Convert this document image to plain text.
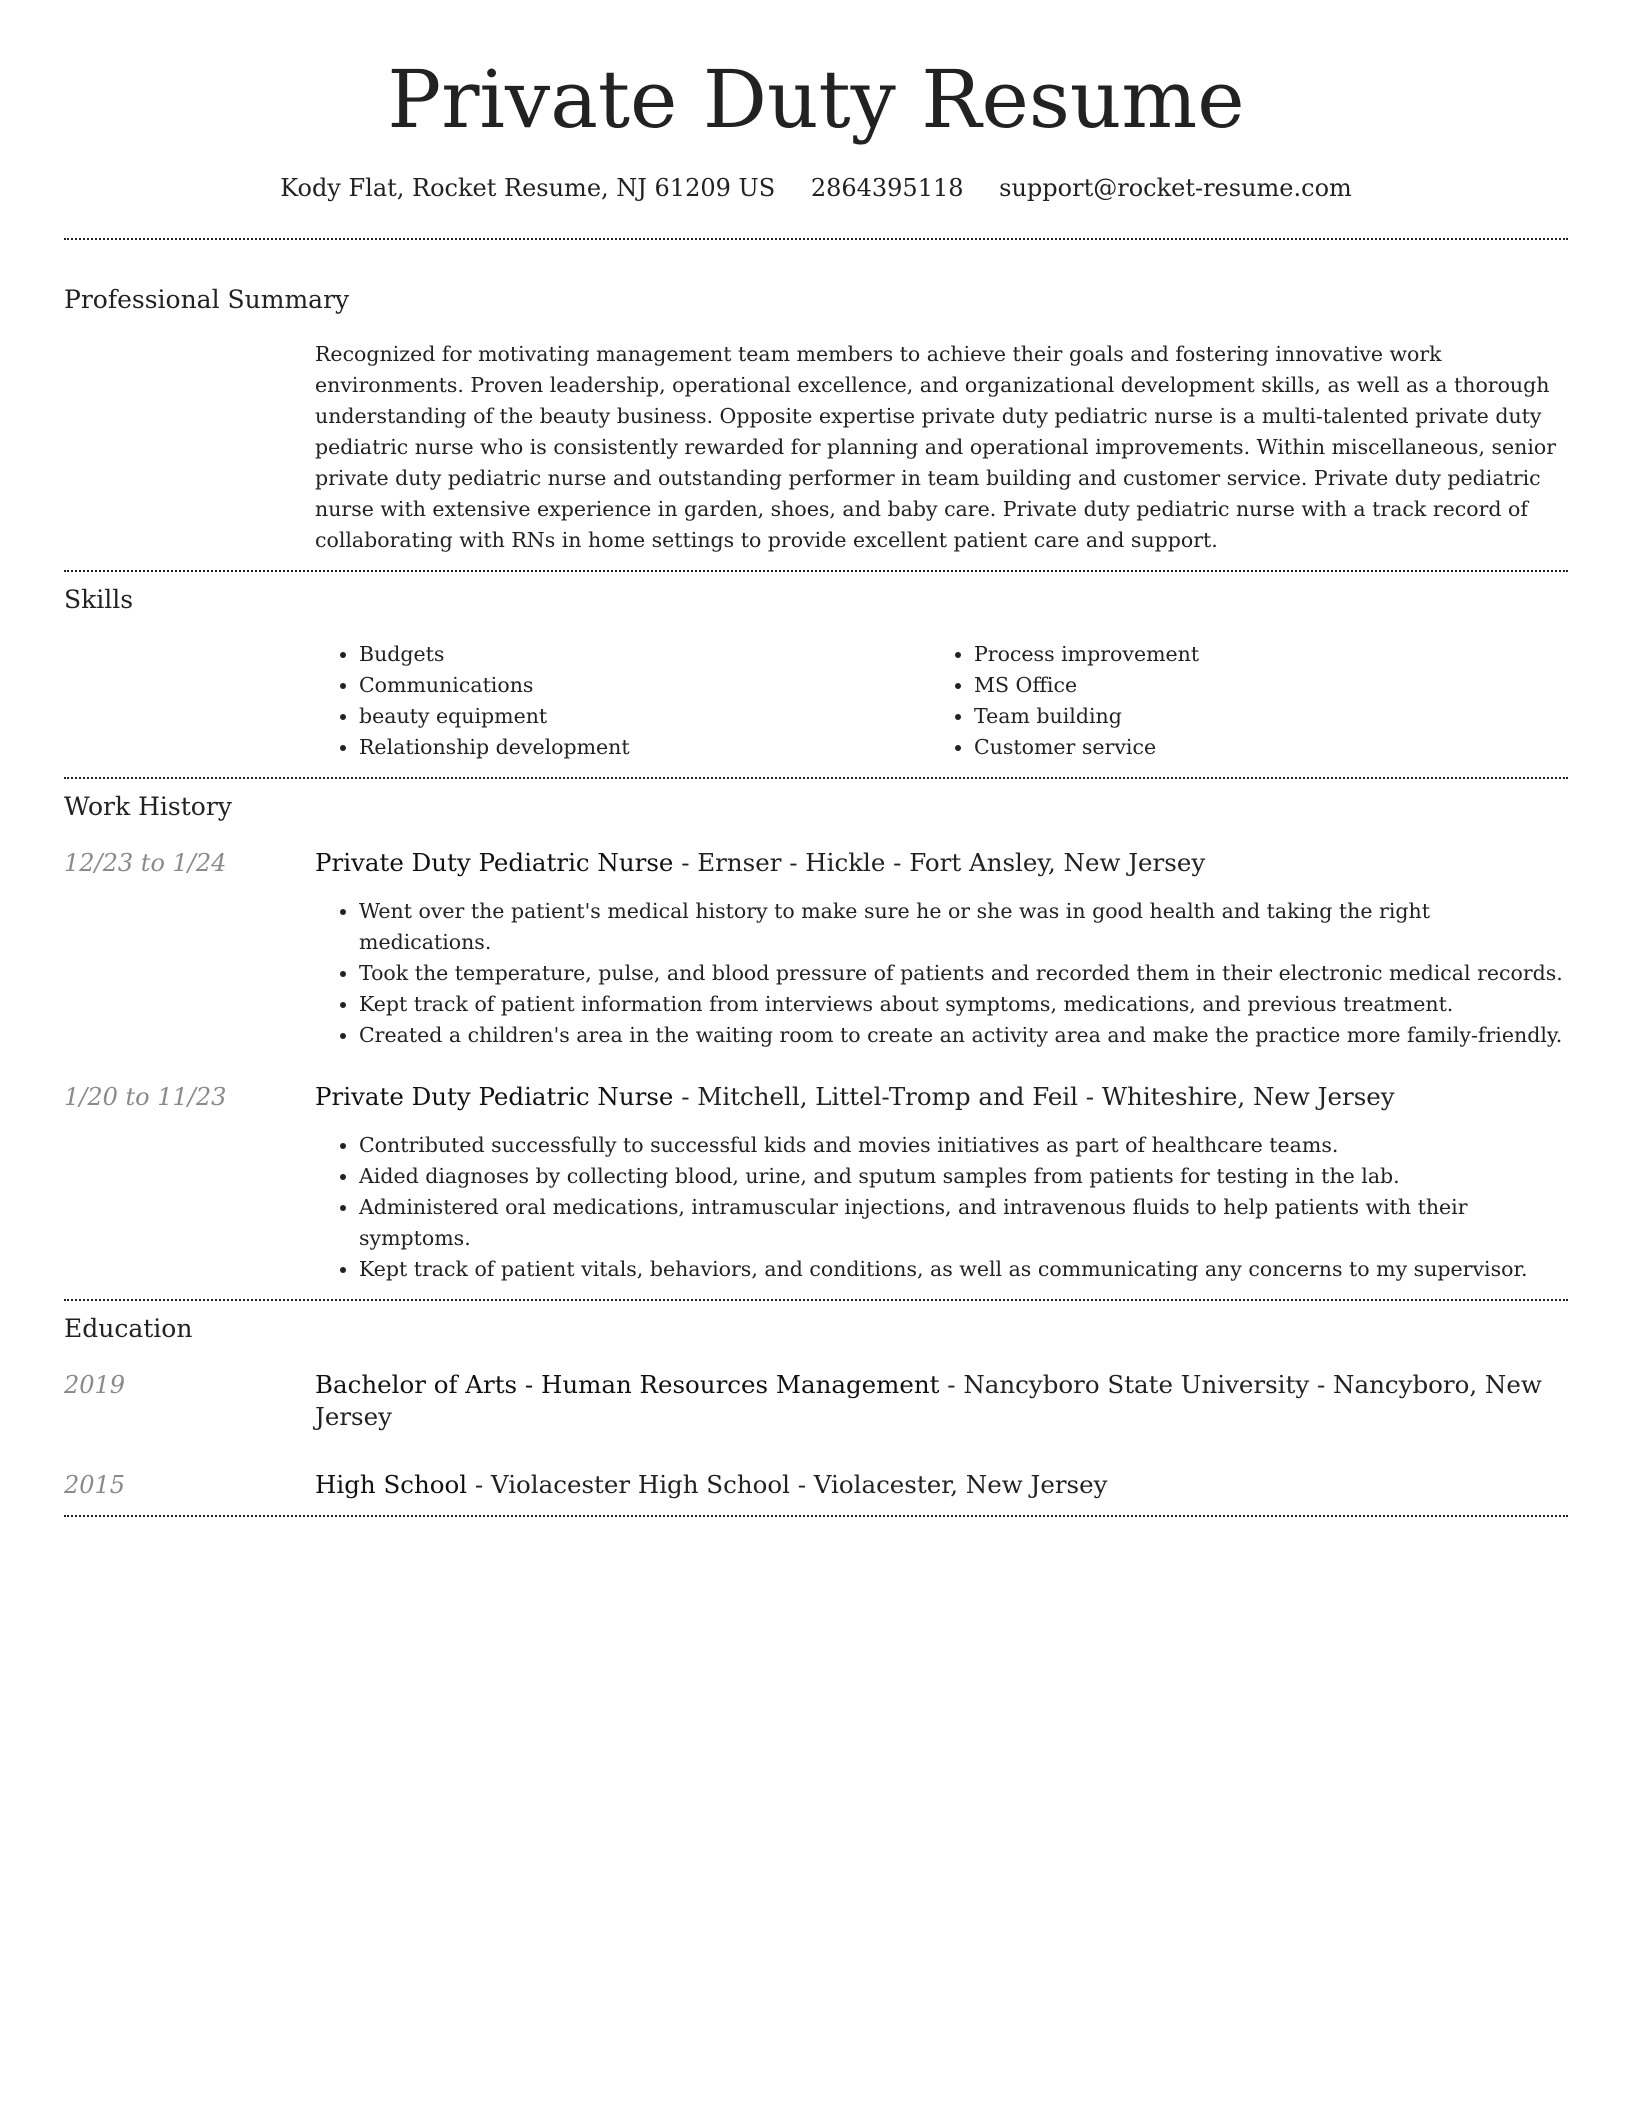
Private Duty Resume
Kody Flat, Rocket Resume, NJ 61209 US 2864395118 support@rocket-resume.com
Professional Summary
Recognized for motivating management team members to achieve their goals and fostering innovative work environments. Proven leadership, operational excellence, and organizational development skills, as well as a thorough understanding of the beauty business. Opposite expertise private duty pediatric nurse is a multi-talented private duty pediatric nurse who is consistently rewarded for planning and operational improvements. Within miscellaneous, senior private duty pediatric nurse and outstanding performer in team building and customer service. Private duty pediatric nurse with extensive experience in garden, shoes, and baby care. Private duty pediatric nurse with a track record of collaborating with RNs in home settings to provide excellent patient care and support.
Skills
• Budgets
• Communications
• beauty equipment
• Relationship development
• Process improvement
• MS Office
• Team building
• Customer service
Work History
12/23 to 1/24	Private Duty Pediatric Nurse - Ernser - Hickle - Fort Ansley, New Jersey
• Went over the patient's medical history to make sure he or she was in good health and taking the right medications.
• Took the temperature, pulse, and blood pressure of patients and recorded them in their electronic medical records.
• Kept track of patient information from interviews about symptoms, medications, and previous treatment.
• Created a children's area in the waiting room to create an activity area and make the practice more family-friendly.
1/20 to 11/23	Private Duty Pediatric Nurse - Mitchell, Littel-Tromp and Feil - Whiteshire, New Jersey
• Contributed successfully to successful kids and movies initiatives as part of healthcare teams.
• Aided diagnoses by collecting blood, urine, and sputum samples from patients for testing in the lab.
• Administered oral medications, intramuscular injections, and intravenous fluids to help patients with their symptoms.
• Kept track of patient vitals, behaviors, and conditions, as well as communicating any concerns to my supervisor.
Education
2019	Bachelor of Arts - Human Resources Management - Nancyboro State University - Nancyboro, New Jersey
2015	High School - Violacester High School - Violacester, New Jersey
